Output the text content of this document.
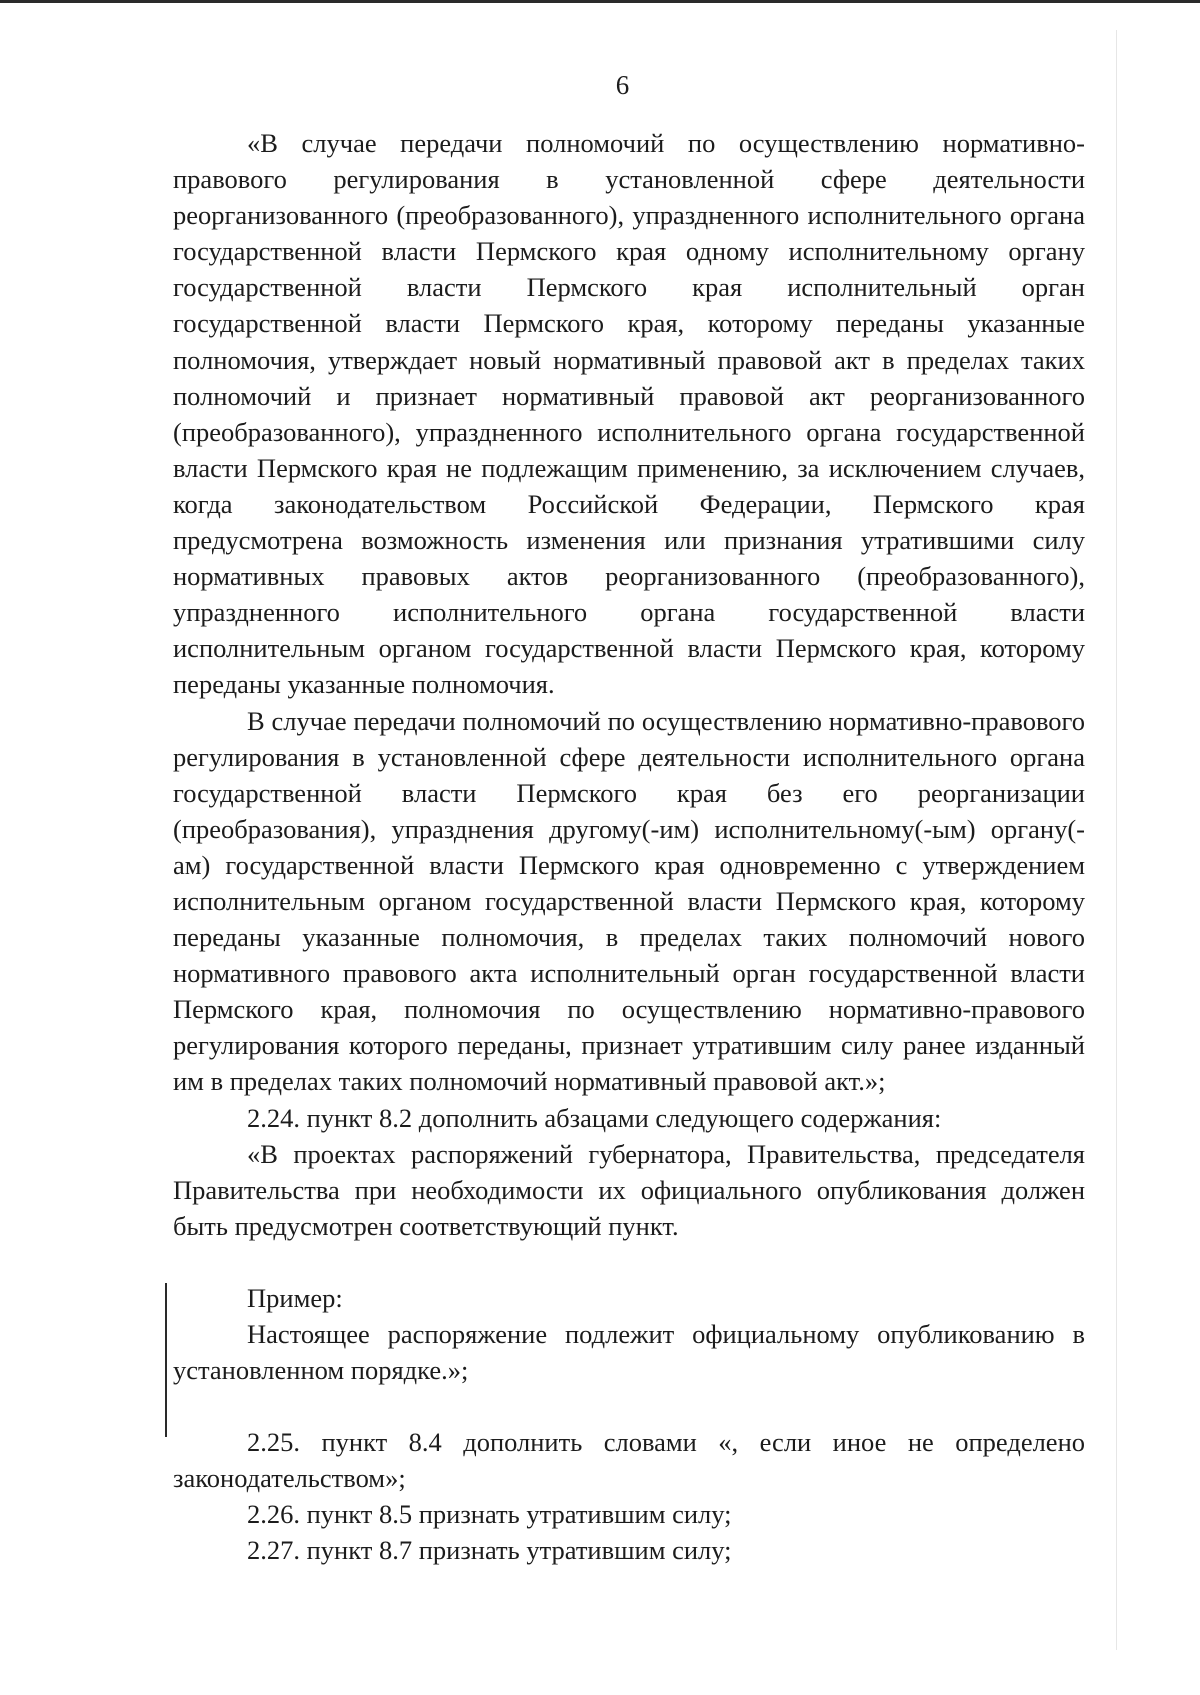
6

«В случае передачи полномочий по осуществлению нормативно-правового регулирования в установленной сфере деятельности реорганизованного (преобразованного), упраздненного исполнительного органа государственной власти Пермского края одному исполнительному органу государственной власти Пермского края исполнительный орган государственной власти Пермского края, которому переданы указанные полномочия, утверждает новый нормативный правовой акт в пределах таких полномочий и признает нормативный правовой акт реорганизованного (преобразованного), упраздненного исполнительного органа государственной власти Пермского края не подлежащим применению, за исключением случаев, когда законодательством Российской Федерации, Пермского края предусмотрена возможность изменения или признания утратившими силу нормативных правовых актов реорганизованного (преобразованного), упраздненного исполнительного органа государственной власти исполнительным органом государственной власти Пермского края, которому переданы указанные полномочия.

В случае передачи полномочий по осуществлению нормативно-правового регулирования в установленной сфере деятельности исполнительного органа государственной власти Пермского края без его реорганизации (преобразования), упразднения другому(-им) исполнительному(-ым) органу(-ам) государственной власти Пермского края одновременно с утверждением исполнительным органом государственной власти Пермского края, которому переданы указанные полномочия, в пределах таких полномочий нового нормативного правового акта исполнительный орган государственной власти Пермского края, полномочия по осуществлению нормативно-правового регулирования которого переданы, признает утратившим силу ранее изданный им в пределах таких полномочий нормативный правовой акт.»;

2.24. пункт 8.2 дополнить абзацами следующего содержания:

«В проектах распоряжений губернатора, Правительства, председателя Правительства при необходимости их официального опубликования должен быть предусмотрен соответствующий пункт.

Пример:

Настоящее распоряжение подлежит официальному опубликованию в установленном порядке.»;

2.25. пункт 8.4 дополнить словами «, если иное не определено законодательством»;

2.26. пункт 8.5 признать утратившим силу;

2.27. пункт 8.7 признать утратившим силу;
